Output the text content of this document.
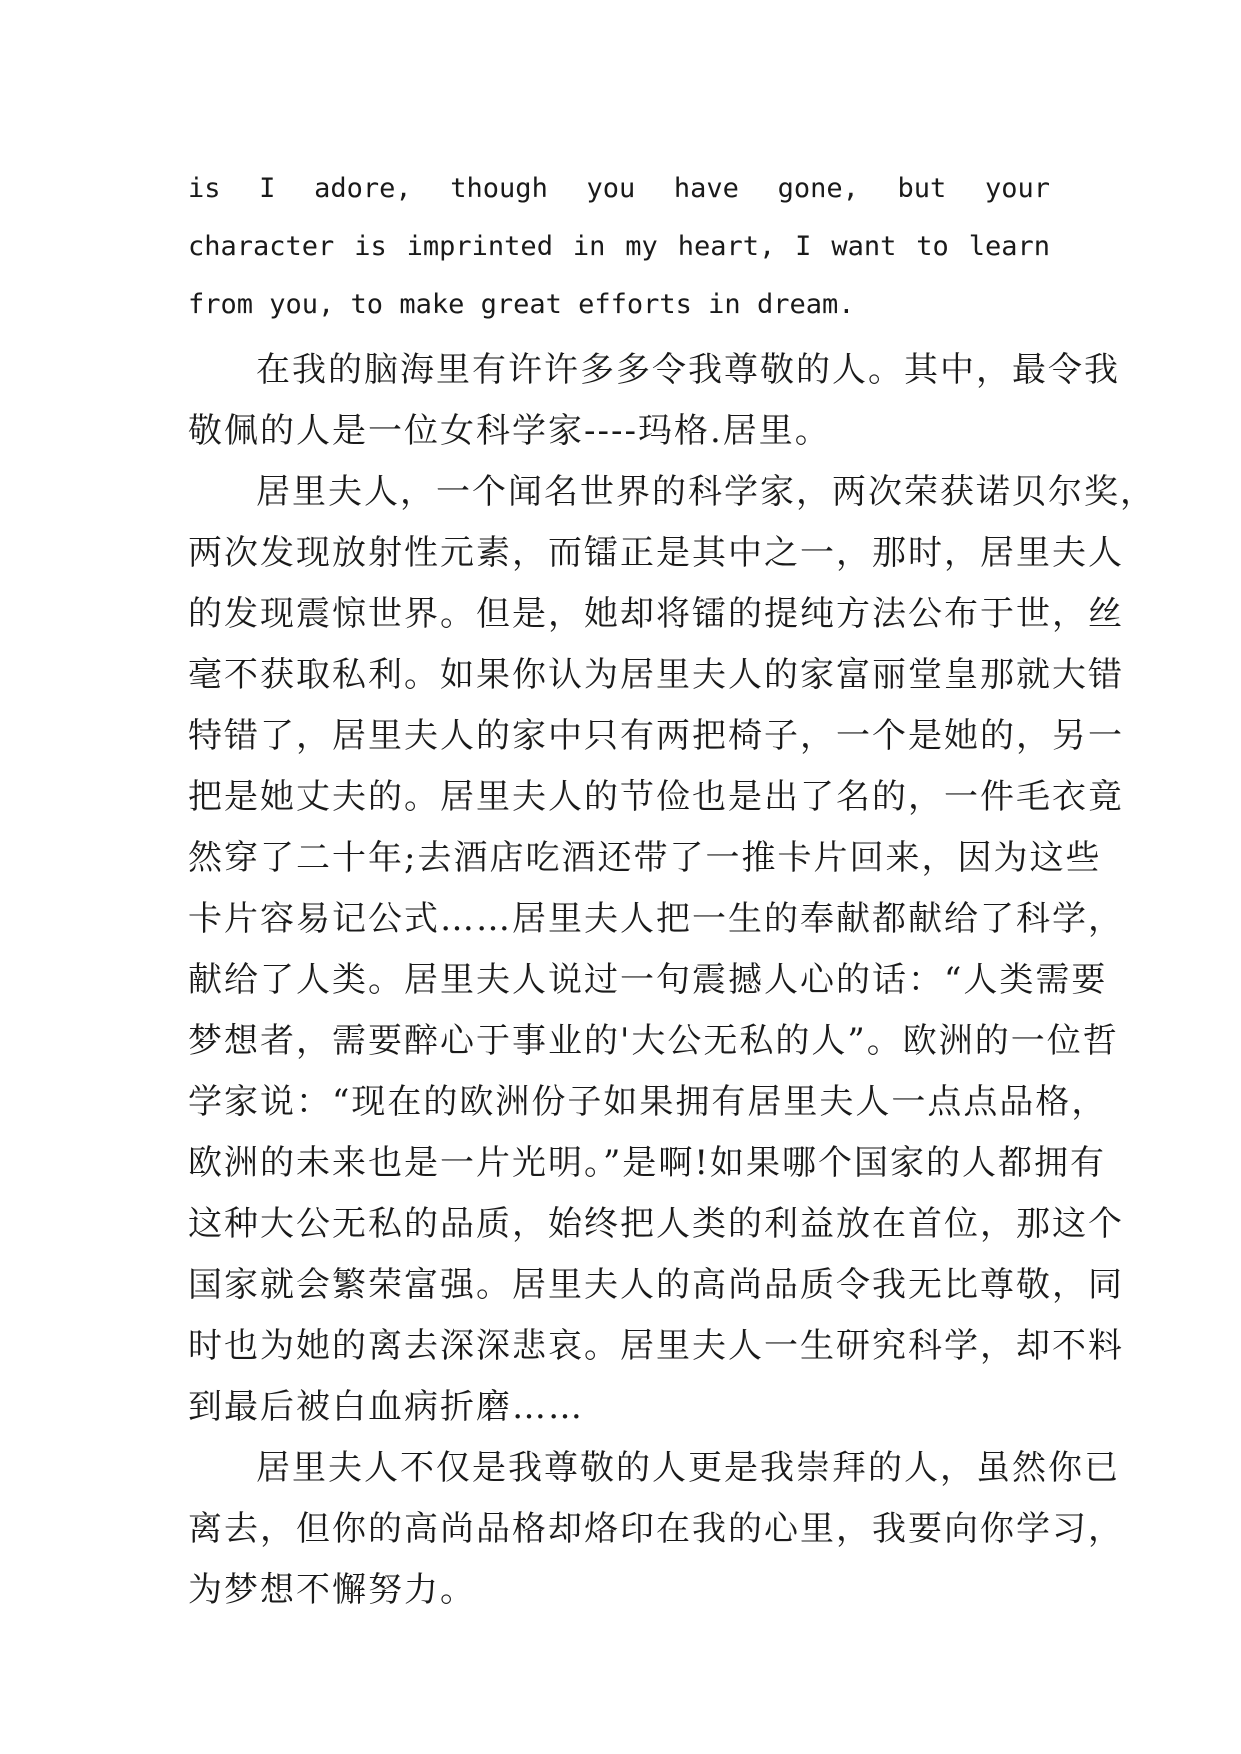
is I adore, though you have gone, but your
character is imprinted in my heart, I want to learn
from you, to make great efforts in dream.
在我的脑海里有许许多多令我尊敬的人。其中，最令我
敬佩的人是一位女科学家----玛格.居里。
居里夫人，一个闻名世界的科学家，两次荣获诺贝尔奖，
两次发现放射性元素，而镭正是其中之一，那时，居里夫人
的发现震惊世界。但是，她却将镭的提纯方法公布于世，丝
毫不获取私利。如果你认为居里夫人的家富丽堂皇那就大错
特错了，居里夫人的家中只有两把椅子，一个是她的，另一
把是她丈夫的。居里夫人的节俭也是出了名的，一件毛衣竟
然穿了二十年;去酒店吃酒还带了一推卡片回来，因为这些
卡片容易记公式……居里夫人把一生的奉献都献给了科学，
献给了人类。居里夫人说过一句震撼人心的话：“人类需要
梦想者，需要醉心于事业的'大公无私的人”。欧洲的一位哲
学家说：“现在的欧洲份子如果拥有居里夫人一点点品格，
欧洲的未来也是一片光明。”是啊!如果哪个国家的人都拥有
这种大公无私的品质，始终把人类的利益放在首位，那这个
国家就会繁荣富强。居里夫人的高尚品质令我无比尊敬，同
时也为她的离去深深悲哀。居里夫人一生研究科学，却不料
到最后被白血病折磨……
居里夫人不仅是我尊敬的人更是我崇拜的人，虽然你已
离去，但你的高尚品格却烙印在我的心里，我要向你学习，
为梦想不懈努力。
